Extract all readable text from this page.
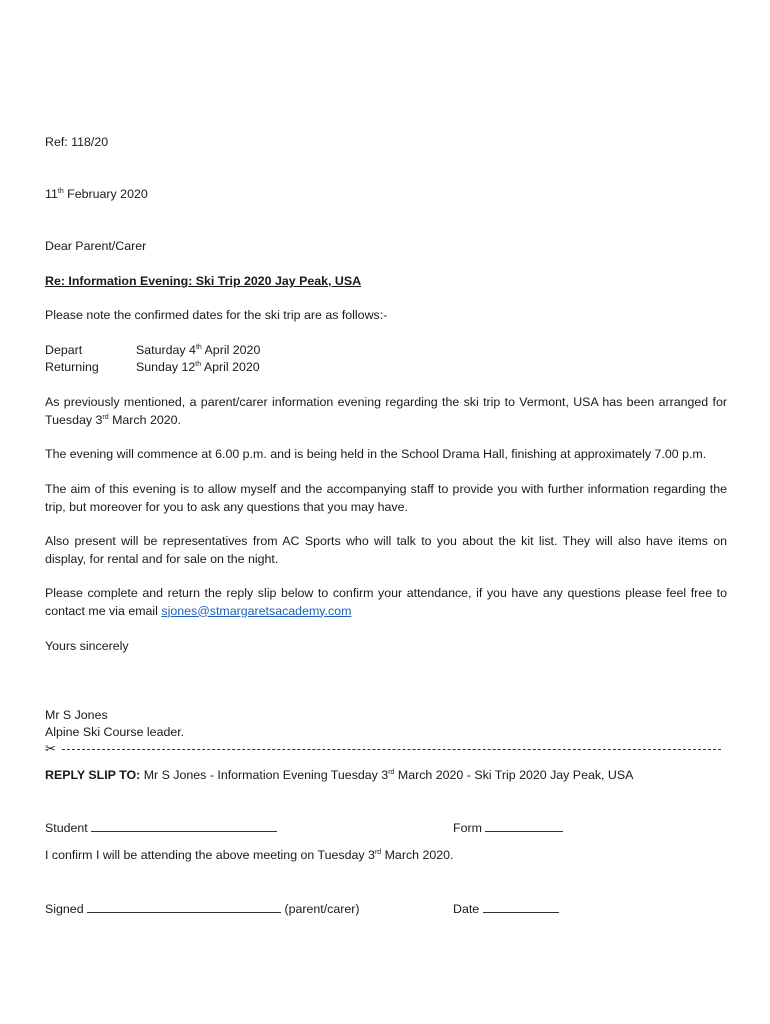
Ref: 118/20
11th February 2020
Dear Parent/Carer
Re: Information Evening: Ski Trip 2020 Jay Peak, USA
Please note the confirmed dates for the ski trip are as follows:-
Depart	Saturday 4th April 2020
Returning	Sunday 12th April 2020
As previously mentioned, a parent/carer information evening regarding the ski trip to Vermont, USA has been arranged for Tuesday 3rd March 2020.
The evening will commence at 6.00 p.m. and is being held in the School Drama Hall, finishing at approximately 7.00 p.m.
The aim of this evening is to allow myself and the accompanying staff to provide you with further information regarding the trip, but moreover for you to ask any questions that you may have.
Also present will be representatives from AC Sports who will talk to you about the kit list. They will also have items on display, for rental and for sale on the night.
Please complete and return the reply slip below to confirm your attendance, if you have any questions please feel free to contact me via email sjones@stmargaretsacademy.com
Yours sincerely
Mr S Jones
Alpine Ski Course leader.
✂
REPLY SLIP TO: Mr S Jones - Information Evening Tuesday 3rd March 2020 - Ski Trip 2020 Jay Peak, USA
Student	Form
I confirm I will be attending the above meeting on Tuesday 3rd March 2020.
Signed	(parent/carer)	Date
